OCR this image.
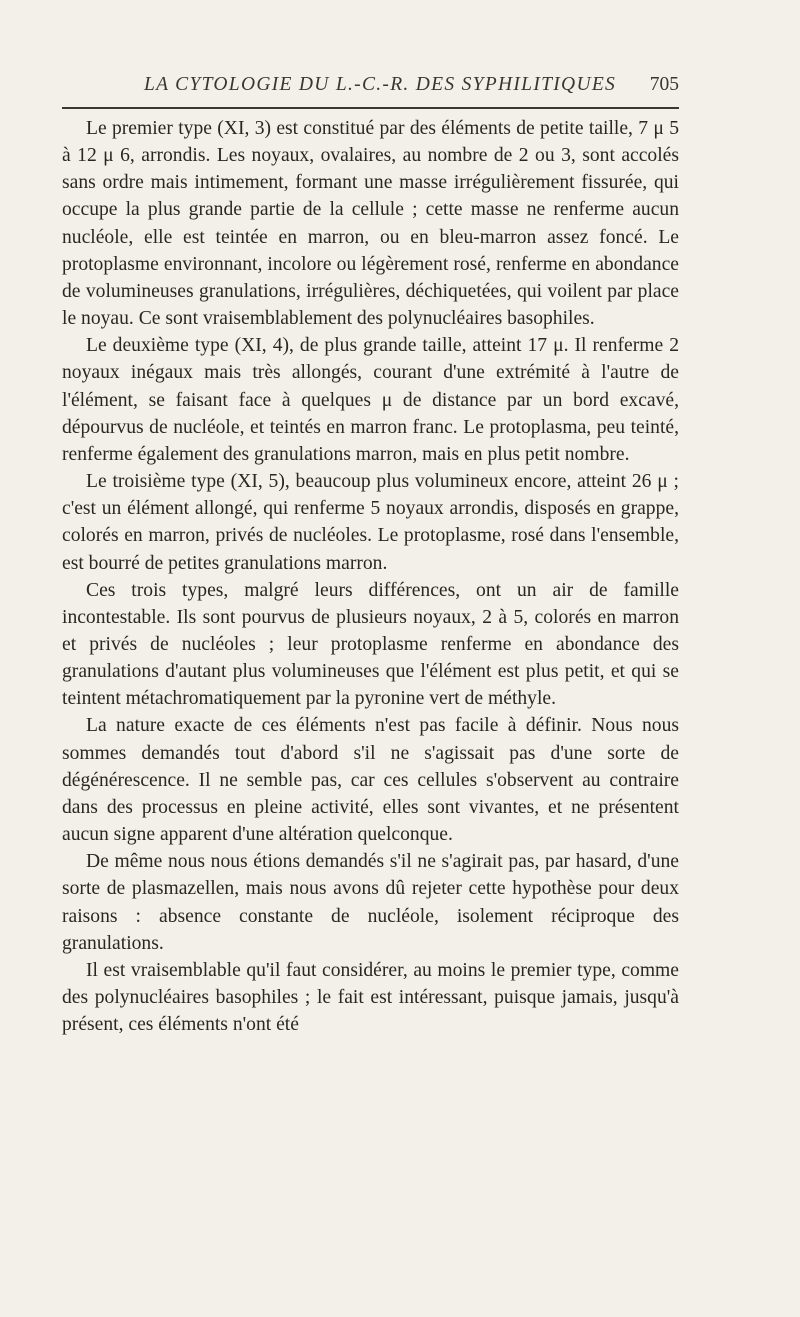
LA CYTOLOGIE DU L.-C.-R. DES SYPHILITIQUES 705

Le premier type (XI, 3) est constitué par des éléments de petite taille, 7 μ 5 à 12 μ 6, arrondis. Les noyaux, ovalaires, au nombre de 2 ou 3, sont accolés sans ordre mais intimement, formant une masse irrégulièrement fissurée, qui occupe la plus grande partie de la cellule ; cette masse ne renferme aucun nucléole, elle est teintée en marron, ou en bleu-marron assez foncé. Le protoplasme environnant, incolore ou légèrement rosé, renferme en abondance de volumineuses granulations, irrégulières, déchiquetées, qui voilent par place le noyau. Ce sont vraisemblablement des polynucléaires basophiles.

Le deuxième type (XI, 4), de plus grande taille, atteint 17 μ. Il renferme 2 noyaux inégaux mais très allongés, courant d'une extrémité à l'autre de l'élément, se faisant face à quelques μ de distance par un bord excavé, dépourvus de nucléole, et teintés en marron franc. Le protoplasma, peu teinté, renferme également des granulations marron, mais en plus petit nombre.

Le troisième type (XI, 5), beaucoup plus volumineux encore, atteint 26 μ ; c'est un élément allongé, qui renferme 5 noyaux arrondis, disposés en grappe, colorés en marron, privés de nucléoles. Le protoplasme, rosé dans l'ensemble, est bourré de petites granulations marron.

Ces trois types, malgré leurs différences, ont un air de famille incontestable. Ils sont pourvus de plusieurs noyaux, 2 à 5, colorés en marron et privés de nucléoles ; leur protoplasme renferme en abondance des granulations d'autant plus volumineuses que l'élément est plus petit, et qui se teintent métachromatiquement par la pyronine vert de méthyle.

La nature exacte de ces éléments n'est pas facile à définir. Nous nous sommes demandés tout d'abord s'il ne s'agissait pas d'une sorte de dégénérescence. Il ne semble pas, car ces cellules s'observent au contraire dans des processus en pleine activité, elles sont vivantes, et ne présentent aucun signe apparent d'une altération quelconque.

De même nous nous étions demandés s'il ne s'agirait pas, par hasard, d'une sorte de plasmazellen, mais nous avons dû rejeter cette hypothèse pour deux raisons : absence constante de nucléole, isolement réciproque des granulations.

Il est vraisemblable qu'il faut considérer, au moins le premier type, comme des polynucléaires basophiles ; le fait est intéressant, puisque jamais, jusqu'à présent, ces éléments n'ont été
